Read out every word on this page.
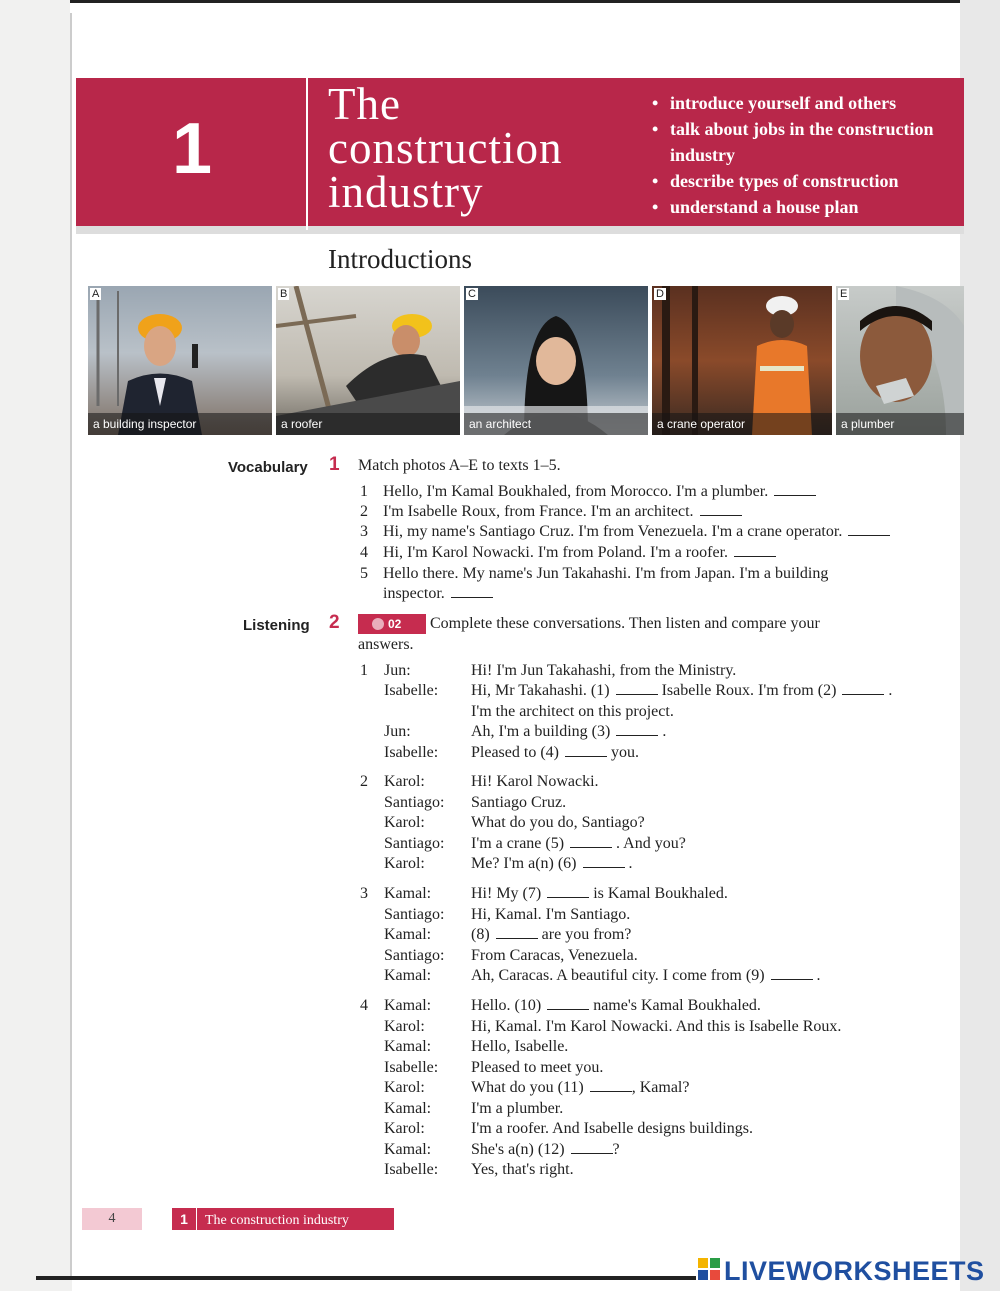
1
The
construction
industry
• introduce yourself and others
• talk about jobs in the construction industry
• describe types of construction
• understand a house plan
Introductions
A
a building inspector
B
a roofer
C
an architect
D
a crane operator
E
a plumber
Vocabulary 1 Match photos A–E to texts 1–5.
1 Hello, I'm Kamal Boukhaled, from Morocco. I'm a plumber.
2 I'm Isabelle Roux, from France. I'm an architect.
3 Hi, my name's Santiago Cruz. I'm from Venezuela. I'm a crane operator.
4 Hi, I'm Karol Nowacki. I'm from Poland. I'm a roofer.
5 Hello there. My name's Jun Takahashi. I'm from Japan. I'm a building
inspector.
Listening 2	02	Complete these conversations. Then listen and compare your
answers.
1 Jun:	Hi! I'm Jun Takahashi, from the Ministry.
Isabelle: Hi, Mr Takahashi. (1)	Isabelle Roux. I'm from (2)	.
I'm the architect on this project.
Jun:	Ah, I'm a building (3)	.
Isabelle: Pleased to (4)	you.
2 Karol:	Hi! Karol Nowacki.
Santiago: Santiago Cruz.
Karol:	What do you do, Santiago?
Santiago: I'm a crane (5)	. And you?
Karol:	Me? I'm a(n) (6)	.
3 Kamal: Hi! My (7)	is Kamal Boukhaled.
Santiago: Hi, Kamal. I'm Santiago.
Kamal: (8)	are you from?
Santiago: From Caracas, Venezuela.
Kamal: Ah, Caracas. A beautiful city. I come from (9)	.
4 Kamal: Hello. (10)	name's Kamal Boukhaled.
Karol:	Hi, Kamal. I'm Karol Nowacki. And this is Isabelle Roux.
Kamal: Hello, Isabelle.
Isabelle: Pleased to meet you.
Karol:	What do you (11)	, Kamal?
Kamal: I'm a plumber.
Karol:	I'm a roofer. And Isabelle designs buildings.
Kamal: She's a(n) (12)	?
Isabelle: Yes, that's right.
4	1 The construction industry
LIVEWORKSHEETS
